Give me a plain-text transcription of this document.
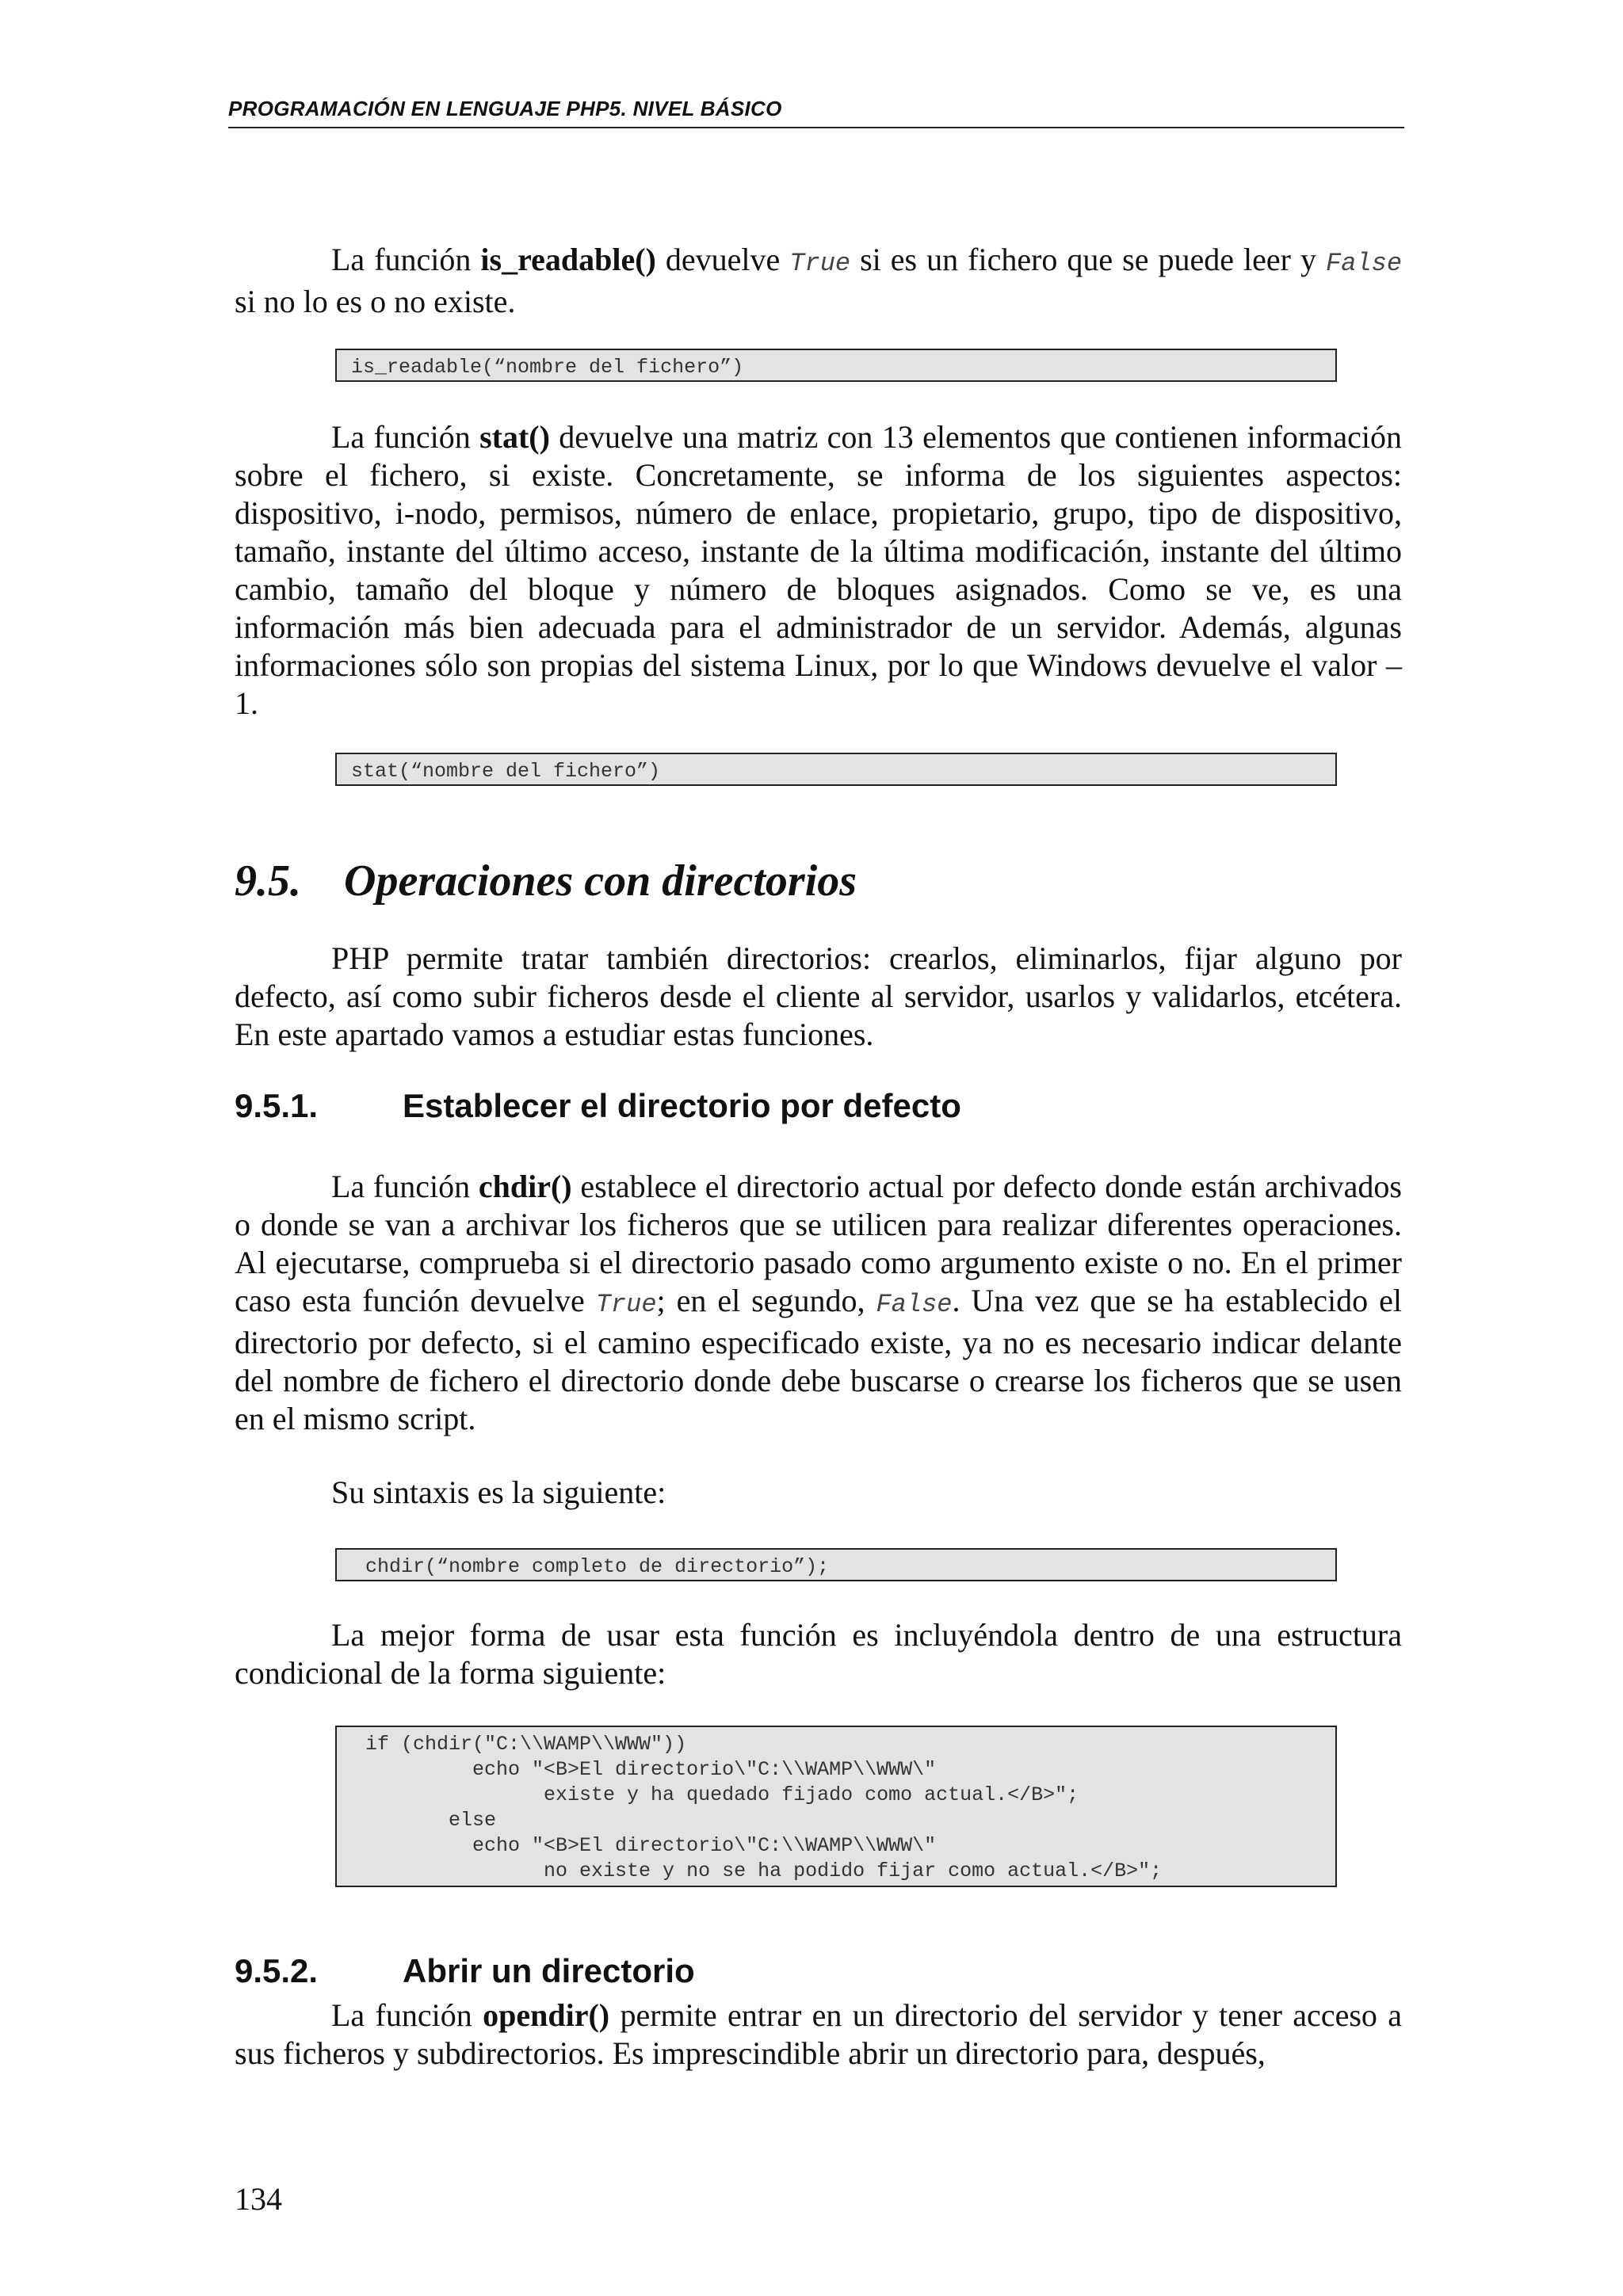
PROGRAMACIÓN EN LENGUAJE PHP5. NIVEL BÁSICO

La función is_readable() devuelve True si es un fichero que se puede leer y False si no lo es o no existe.

is_readable(“nombre del fichero”)

La función stat() devuelve una matriz con 13 elementos que contienen información sobre el fichero, si existe. Concretamente, se informa de los siguientes aspectos: dispositivo, i-nodo, permisos, número de enlace, propietario, grupo, tipo de dispositivo, tamaño, instante del último acceso, instante de la última modificación, instante del último cambio, tamaño del bloque y número de bloques asignados. Como se ve, es una información más bien adecuada para el administrador de un servidor. Además, algunas informaciones sólo son propias del sistema Linux, por lo que Windows devuelve el valor –1.

stat(“nombre del fichero”)
9.5. Operaciones con directorios

PHP permite tratar también directorios: crearlos, eliminarlos, fijar alguno por defecto, así como subir ficheros desde el cliente al servidor, usarlos y validarlos, etcétera. En este apartado vamos a estudiar estas funciones.

9.5.1.	Establecer el directorio por defecto

La función chdir() establece el directorio actual por defecto donde están archivados o donde se van a archivar los ficheros que se utilicen para realizar diferentes operaciones. Al ejecutarse, comprueba si el directorio pasado como argumento existe o no. En el primer caso esta función devuelve True; en el segundo, False. Una vez que se ha establecido el directorio por defecto, si el camino especificado existe, ya no es necesario indicar delante del nombre de fichero el directorio donde debe buscarse o crearse los ficheros que se usen en el mismo script.

Su sintaxis es la siguiente:

chdir(“nombre completo de directorio”);

La mejor forma de usar esta función es incluyéndola dentro de una estructura condicional de la forma siguiente:

if (chdir("C:\\WAMP\\WWW"))
echo "<B>El directorio\"C:\\WAMP\\WWW\"
existe y ha quedado fijado como actual.</B>";
else
echo "<B>El directorio\"C:\\WAMP\\WWW\"
no existe y no se ha podido fijar como actual.</B>";
9.5.2.	Abrir un directorio

La función opendir() permite entrar en un directorio del servidor y tener acceso a sus ficheros y subdirectorios. Es imprescindible abrir un directorio para, después,

134
